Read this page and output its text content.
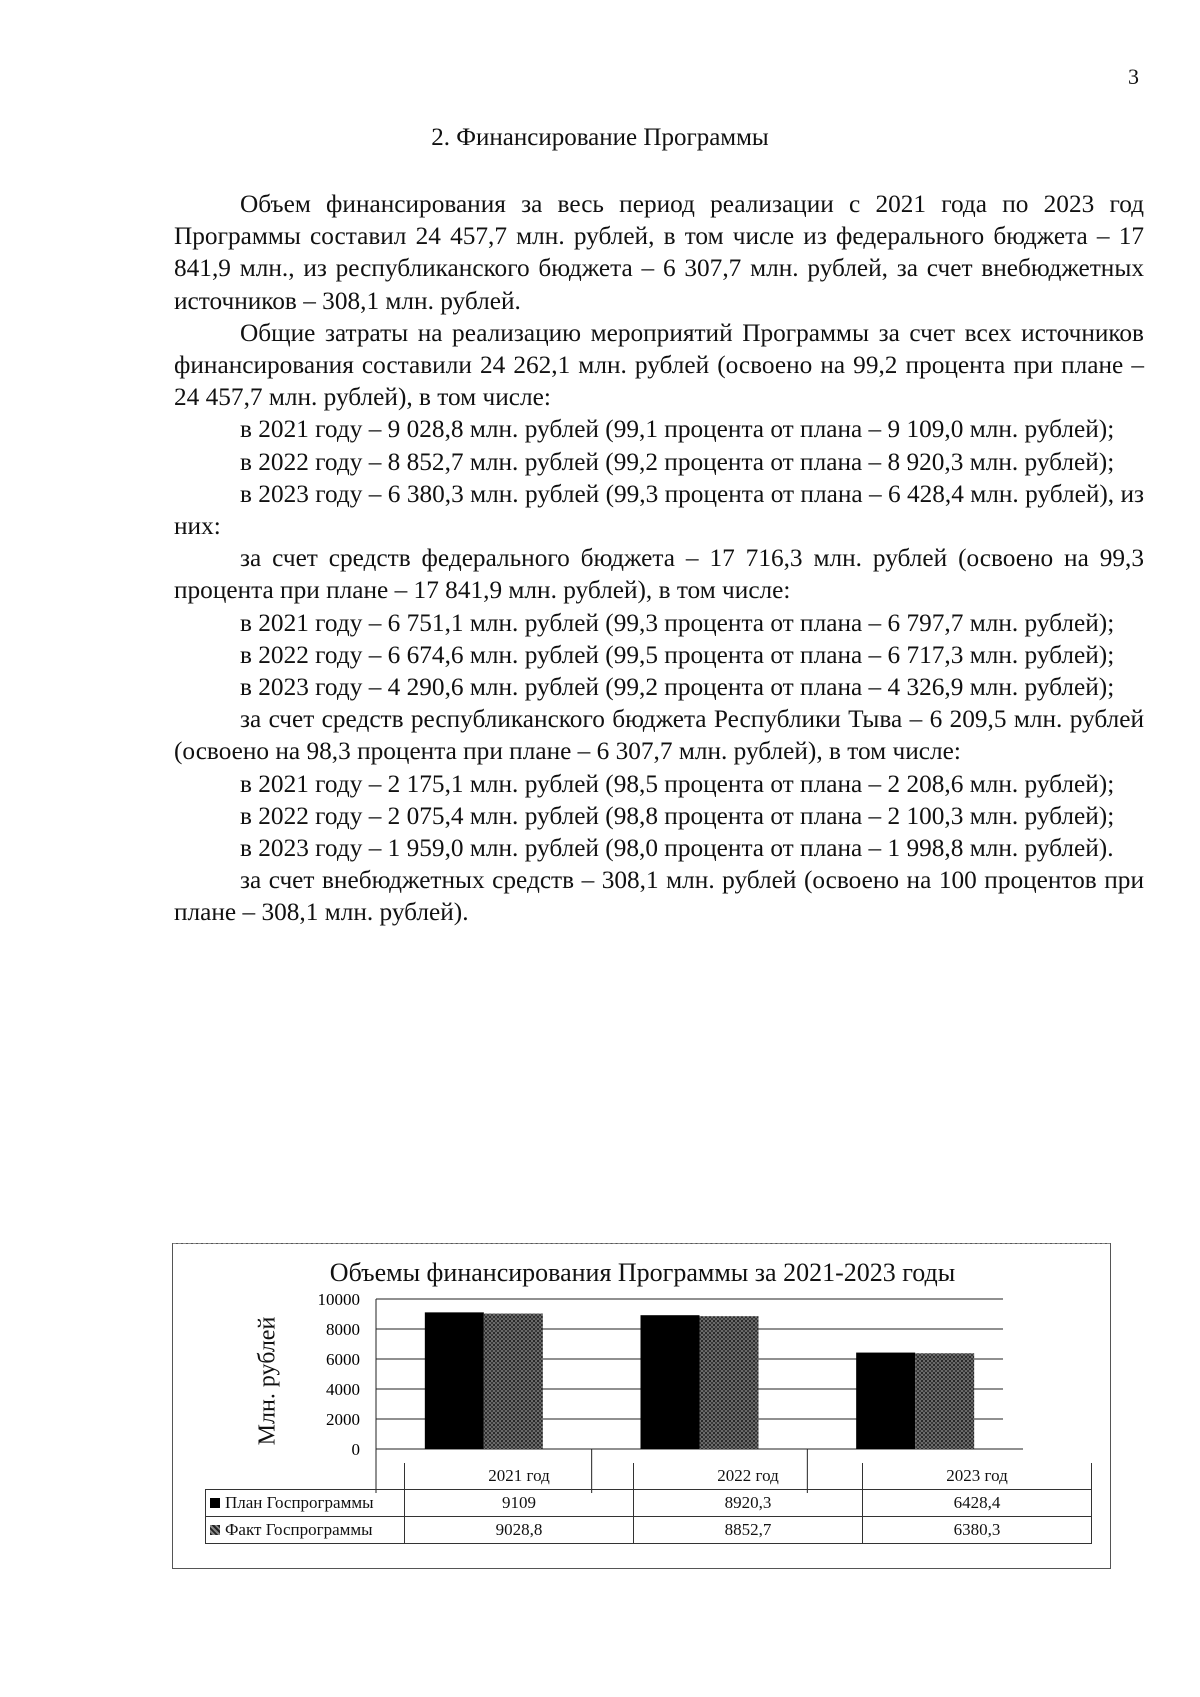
3
2. Финансирование Программы

Объем финансирования за весь период реализации с 2021 года по 2023 год Программы составил 24 457,7 млн. рублей, в том числе из федерального бюджета – 17 841,9 млн., из республиканского бюджета – 6 307,7 млн. рублей, за счет внебюджетных источников – 308,1 млн. рублей.

Общие затраты на реализацию мероприятий Программы за счет всех источников финансирования составили 24 262,1 млн. рублей (освоено на 99,2 процента при плане – 24 457,7 млн. рублей), в том числе:

в 2021 году – 9 028,8 млн. рублей (99,1 процента от плана – 9 109,0 млн. рублей);

в 2022 году – 8 852,7 млн. рублей (99,2 процента от плана – 8 920,3 млн. рублей);

в 2023 году – 6 380,3 млн. рублей (99,3 процента от плана – 6 428,4 млн. рублей), из них:

за счет средств федерального бюджета – 17 716,3 млн. рублей (освоено на 99,3 процента при плане – 17 841,9 млн. рублей), в том числе:

в 2021 году – 6 751,1 млн. рублей (99,3 процента от плана – 6 797,7 млн. рублей);

в 2022 году – 6 674,6 млн. рублей (99,5 процента от плана – 6 717,3 млн. рублей);

в 2023 году – 4 290,6 млн. рублей (99,2 процента от плана – 4 326,9 млн. рублей);

за счет средств республиканского бюджета Республики Тыва – 6 209,5 млн. рублей (освоено на 98,3 процента при плане – 6 307,7 млн. рублей), в том числе:

в 2021 году – 2 175,1 млн. рублей (98,5 процента от плана – 2 208,6 млн. рублей);

в 2022 году – 2 075,4 млн. рублей (98,8 процента от плана – 2 100,3 млн. рублей);

в 2023 году – 1 959,0 млн. рублей (98,0 процента от плана – 1 998,8 млн. рублей).

за счет внебюджетных средств – 308,1 млн. рублей (освоено на 100 процентов при плане – 308,1 млн. рублей).

Объемы финансирования Программы за 2021-2023 годы
Млн. рублей
10000
8000
6000
4000
2000
0
	2021 год	2022 год	2023 год
План Госпрограммы	9109	8920,3	6428,4
Факт Госпрограммы	9028,8	8852,7	6380,3
